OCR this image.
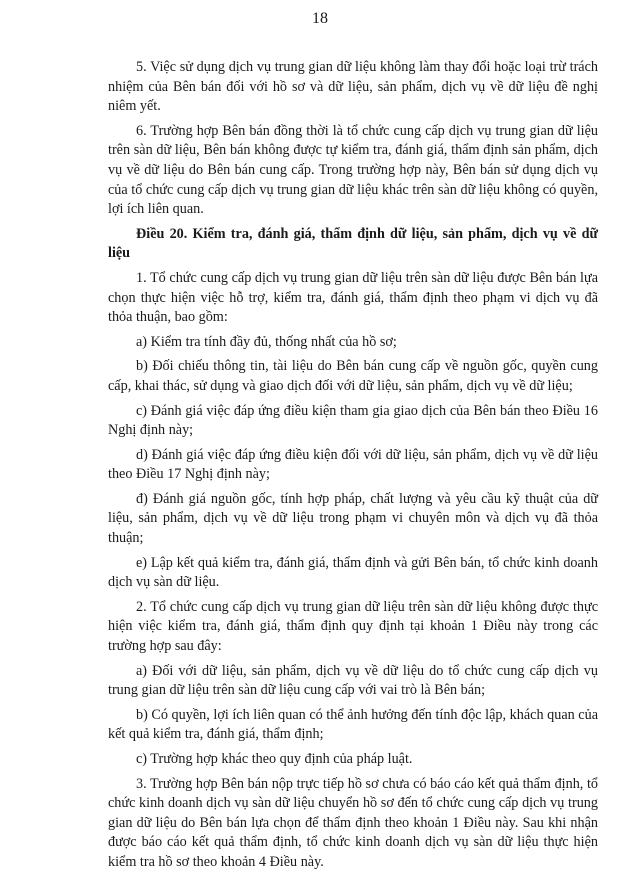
18

5. Việc sử dụng dịch vụ trung gian dữ liệu không làm thay đổi hoặc loại trừ trách nhiệm của Bên bán đối với hồ sơ và dữ liệu, sản phẩm, dịch vụ về dữ liệu đề nghị niêm yết.

6. Trường hợp Bên bán đồng thời là tổ chức cung cấp dịch vụ trung gian dữ liệu trên sàn dữ liệu, Bên bán không được tự kiểm tra, đánh giá, thẩm định sản phẩm, dịch vụ về dữ liệu do Bên bán cung cấp. Trong trường hợp này, Bên bán sử dụng dịch vụ của tổ chức cung cấp dịch vụ trung gian dữ liệu khác trên sàn dữ liệu không có quyền, lợi ích liên quan.

Điều 20. Kiểm tra, đánh giá, thẩm định dữ liệu, sản phẩm, dịch vụ về dữ liệu

1. Tổ chức cung cấp dịch vụ trung gian dữ liệu trên sàn dữ liệu được Bên bán lựa chọn thực hiện việc hỗ trợ, kiểm tra, đánh giá, thẩm định theo phạm vi dịch vụ đã thỏa thuận, bao gồm:

a) Kiểm tra tính đầy đủ, thống nhất của hồ sơ;

b) Đối chiếu thông tin, tài liệu do Bên bán cung cấp về nguồn gốc, quyền cung cấp, khai thác, sử dụng và giao dịch đối với dữ liệu, sản phẩm, dịch vụ về dữ liệu;

c) Đánh giá việc đáp ứng điều kiện tham gia giao dịch của Bên bán theo Điều 16 Nghị định này;

d) Đánh giá việc đáp ứng điều kiện đối với dữ liệu, sản phẩm, dịch vụ về dữ liệu theo Điều 17 Nghị định này;

đ) Đánh giá nguồn gốc, tính hợp pháp, chất lượng và yêu cầu kỹ thuật của dữ liệu, sản phẩm, dịch vụ về dữ liệu trong phạm vi chuyên môn và dịch vụ đã thỏa thuận;

e) Lập kết quả kiểm tra, đánh giá, thẩm định và gửi Bên bán, tổ chức kinh doanh dịch vụ sàn dữ liệu.

2. Tổ chức cung cấp dịch vụ trung gian dữ liệu trên sàn dữ liệu không được thực hiện việc kiểm tra, đánh giá, thẩm định quy định tại khoản 1 Điều này trong các trường hợp sau đây:

a) Đối với dữ liệu, sản phẩm, dịch vụ về dữ liệu do tổ chức cung cấp dịch vụ trung gian dữ liệu trên sàn dữ liệu cung cấp với vai trò là Bên bán;

b) Có quyền, lợi ích liên quan có thể ảnh hưởng đến tính độc lập, khách quan của kết quả kiểm tra, đánh giá, thẩm định;

c) Trường hợp khác theo quy định của pháp luật.

3. Trường hợp Bên bán nộp trực tiếp hồ sơ chưa có báo cáo kết quả thẩm định, tổ chức kinh doanh dịch vụ sàn dữ liệu chuyển hồ sơ đến tổ chức cung cấp dịch vụ trung gian dữ liệu do Bên bán lựa chọn để thẩm định theo khoản 1 Điều này. Sau khi nhận được báo cáo kết quả thẩm định, tổ chức kinh doanh dịch vụ sàn dữ liệu thực hiện kiểm tra hồ sơ theo khoản 4 Điều này.
